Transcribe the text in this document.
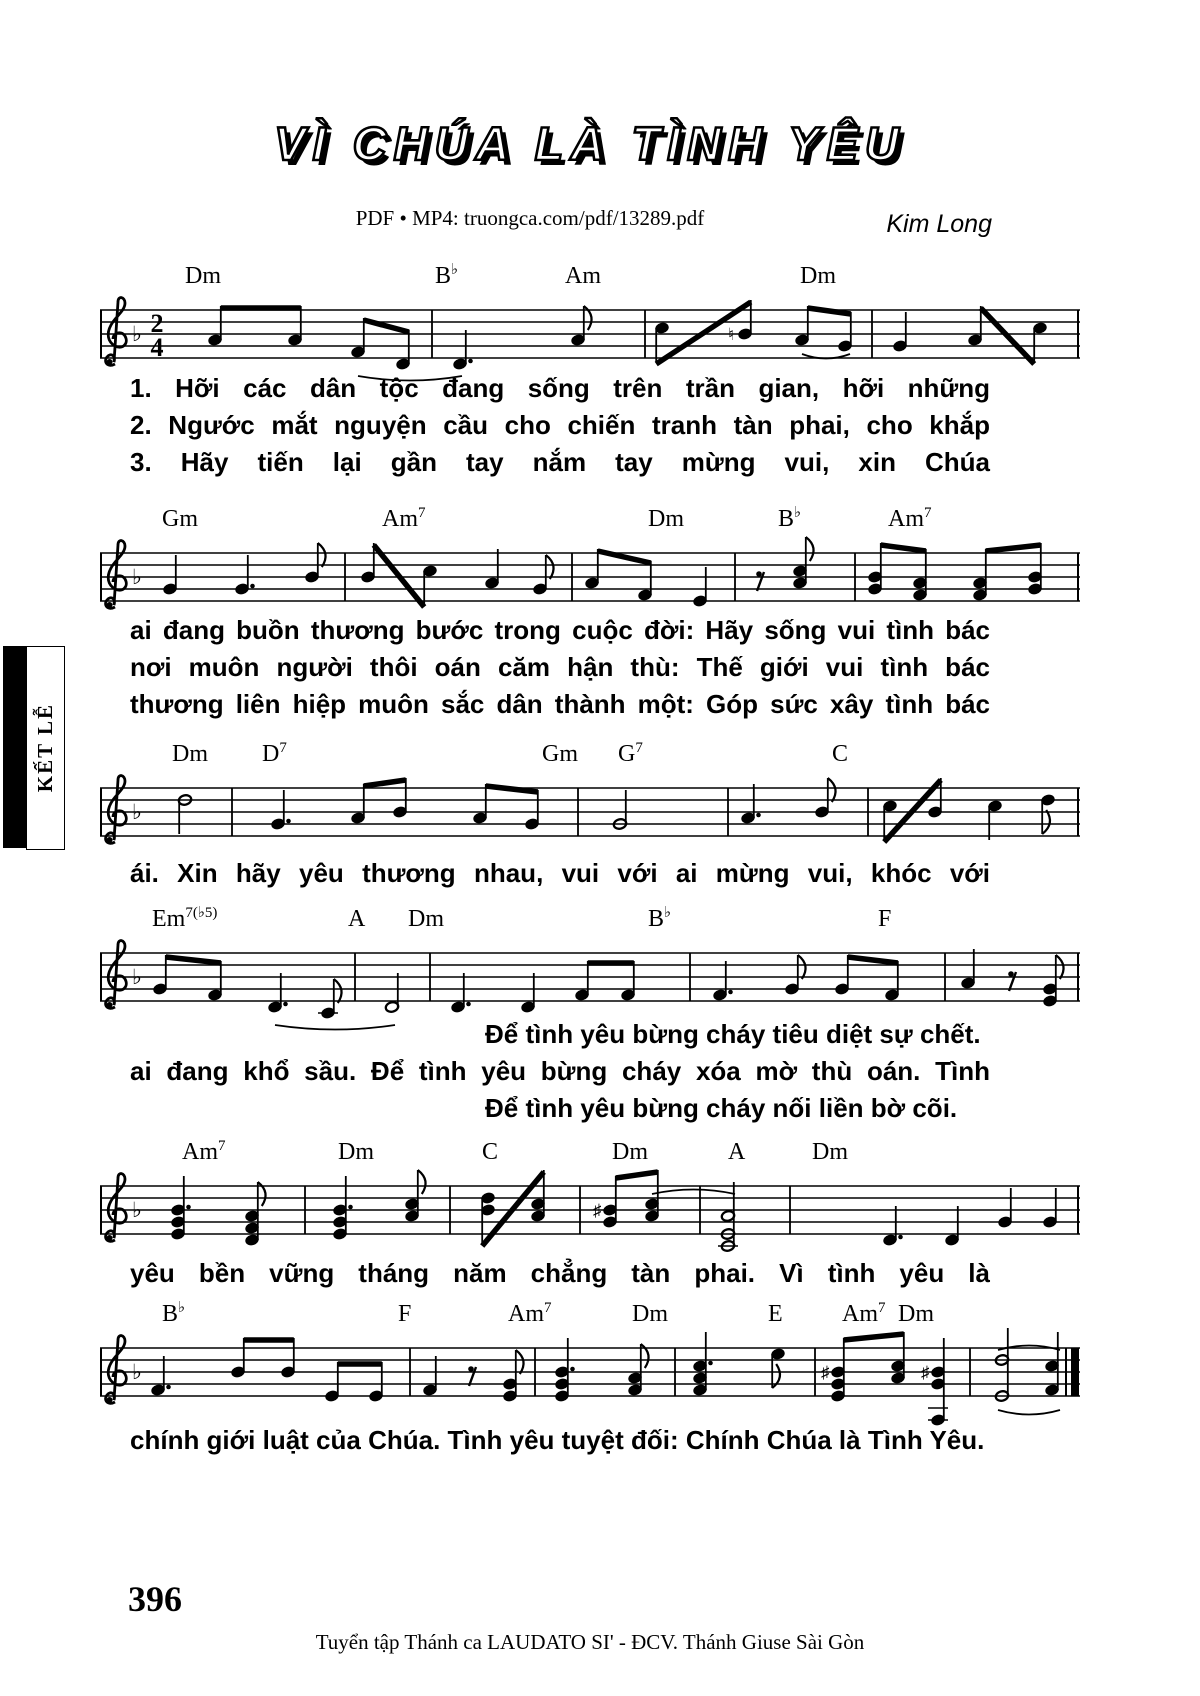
VÌ CHÚA LÀ TÌNH YÊU
PDF • MP4: truongca.com/pdf/13289.pdf	Kim Long
KẾT LỄ
Dm	B♭	Am	Dm
♭ 2
4	♮
Gm	Am$^7$	Dm	B♭	Am$^7$
♭
Dm $D^7$	Gm $G^7$	C
♭
$Em^{7(♭5)}$	A Dm	B♭	F
♭
Am$^7$	Dm	C	Dm	A	Dm
♭	♯
B♭	F	Am$^7$	Dm	E Am$^7$ Dm
♭	♯	♯
1. Hỡi các dân tộc đang sống trên trần gian, hỡi những
2. Ngước mắt nguyện cầu cho chiến tranh tàn phai, cho khắp
3. Hãy tiến lại gần tay nắm tay mừng vui, xin Chúa
ai đang buồn thương bước trong cuộc đời: Hãy sống vui tình bác
nơi muôn người thôi oán căm hận thù: Thế giới vui tình bác
thương liên hiệp muôn sắc dân thành một: Góp sức xây tình bác
ái. Xin hãy yêu thương nhau, vui với ai mừng vui, khóc với
Để tình yêu bừng cháy tiêu diệt sự chết.
ai đang khổ sầu. Để tình yêu bừng cháy xóa mờ thù oán. Tình
Để tình yêu bừng cháy nối liền bờ cõi.
yêu bền vững tháng năm chẳng tàn phai. Vì tình yêu là
chính giới luật của Chúa. Tình yêu tuyệt đối: Chính Chúa là Tình Yêu.
396
Tuyển tập Thánh ca LAUDATO SI' - ĐCV. Thánh Giuse Sài Gòn
